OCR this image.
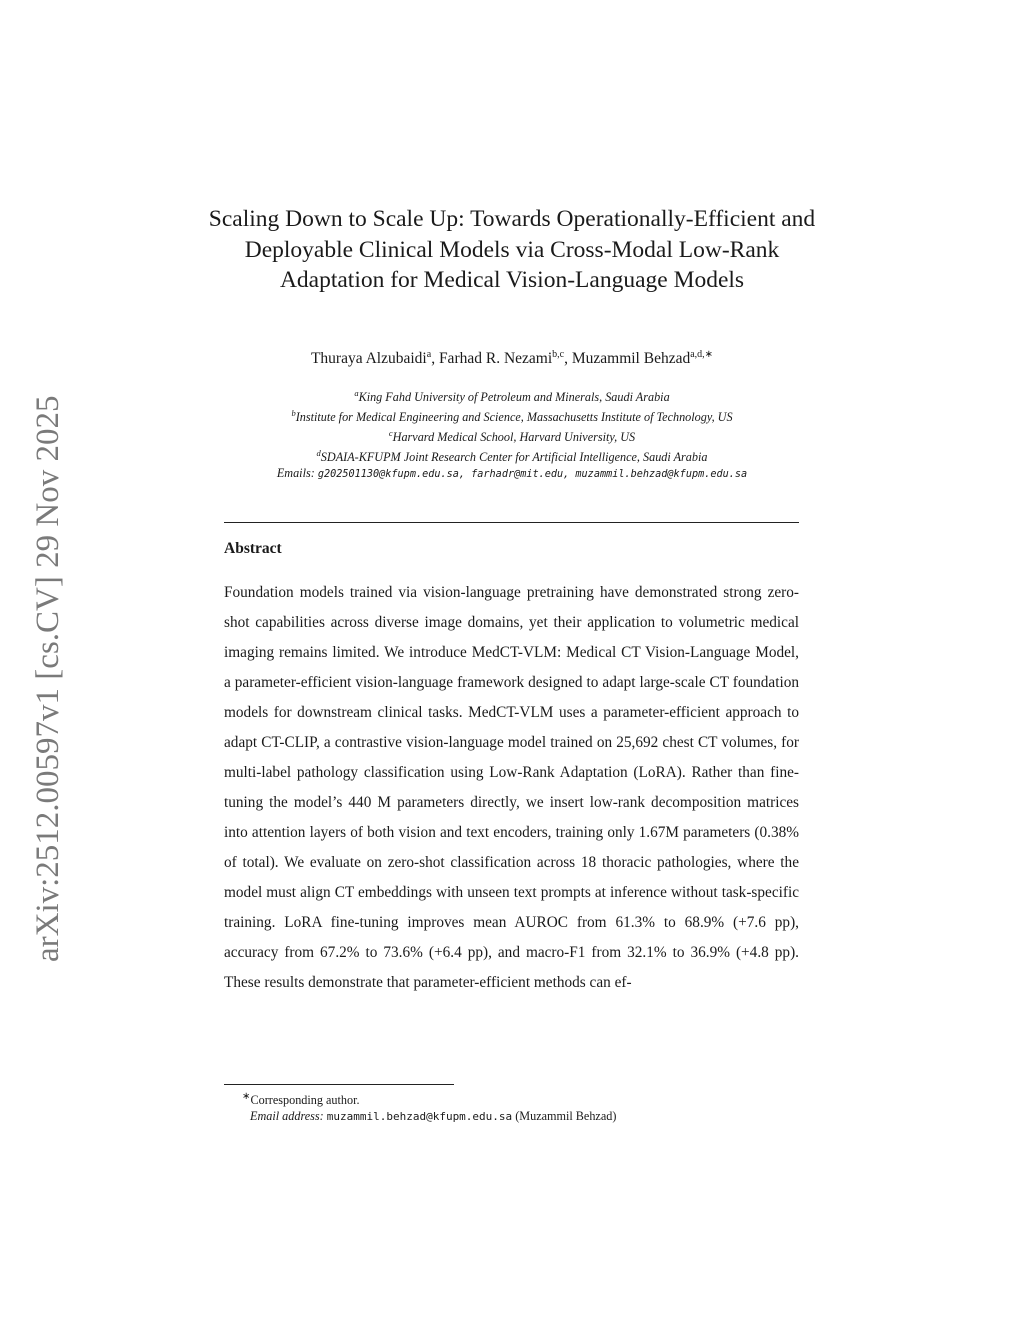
arXiv:2512.00597v1 [cs.CV] 29 Nov 2025
Scaling Down to Scale Up: Towards Operationally-Efficient and Deployable Clinical Models via Cross-Modal Low-Rank Adaptation for Medical Vision-Language Models
Thuraya Alzubaidi$^a$, Farhad R. Nezami$^{b,c}$, Muzammil Behzad$^{a,d,∗}$
$^a$King Fahd University of Petroleum and Minerals, Saudi Arabia
$^b$Institute for Medical Engineering and Science, Massachusetts Institute of Technology, US
$^c$Harvard Medical School, Harvard University, US
$^d$SDAIA-KFUPM Joint Research Center for Artificial Intelligence, Saudi Arabia
Emails: g202501130@kfupm.edu.sa, farhadr@mit.edu, muzammil.behzad@kfupm.edu.sa
Abstract

Foundation models trained via vision-language pretraining have demonstrated strong zero-shot capabilities across diverse image domains, yet their application to volumetric medical imaging remains limited. We introduce MedCT-VLM: Medical CT Vision-Language Model, a parameter-efficient vision-language framework designed to adapt large-scale CT foundation models for downstream clinical tasks. MedCT-VLM uses a parameter-efficient approach to adapt CT-CLIP, a contrastive vision-language model trained on 25,692 chest CT volumes, for multi-label pathology classification using Low-Rank Adaptation (LoRA). Rather than fine-tuning the model’s 440 M parameters directly, we insert low-rank decomposition matrices into attention layers of both vision and text encoders, training only 1.67M parameters (0.38% of total). We evaluate on zero-shot classification across 18 thoracic pathologies, where the model must align CT embeddings with unseen text prompts at inference without task-specific training. LoRA fine-tuning improves mean AUROC from 61.3% to 68.9% (+7.6 pp), accuracy from 67.2% to 73.6% (+6.4 pp), and macro-F1 from 32.1% to 36.9% (+4.8 pp). These results demonstrate that parameter-efficient methods can ef-

∗Corresponding author.
Email address: muzammil.behzad@kfupm.edu.sa (Muzammil Behzad)
